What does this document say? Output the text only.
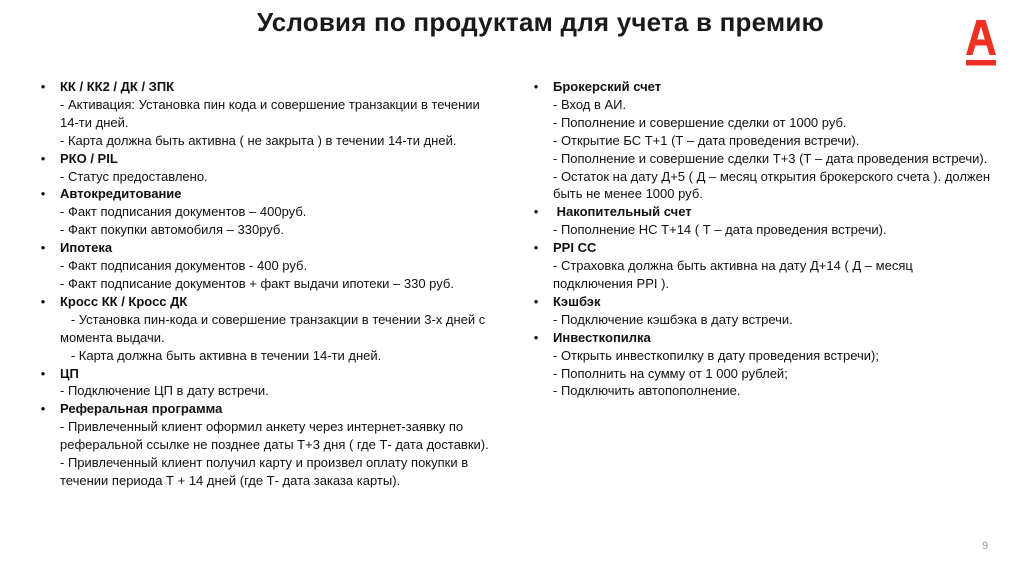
Условия по продуктам для учета в премию
• КК / КК2 / ДК / ЗПК
- Активация: Установка пин кода и совершение транзакции в течении 14-ти дней.
- Карта должна быть активна ( не закрыта ) в течении 14-ти дней.
• РКО / PIL
- Статус предоставлено.
• Автокредитование
- Факт подписания документов – 400руб.
- Факт покупки автомобиля – 330руб.
• Ипотека
- Факт подписания документов - 400 руб.
- Факт подписание документов + факт выдачи ипотеки – 330 руб.
• Кросс КК / Кросс ДК
- Установка пин-кода и совершение транзакции в течении 3-х дней с момента выдачи.
- Карта должна быть активна в течении 14-ти дней.
• ЦП
- Подключение ЦП в дату встречи.
• Реферальная программа
- Привлеченный клиент оформил анкету через интернет-заявку по реферальной ссылке не позднее даты Т+3 дня ( где Т- дата доставки).
- Привлеченный клиент получил карту и произвел оплату покупки в течении периода Т + 14 дней (где Т- дата заказа карты).
• Брокерский счет
- Вход в АИ.
- Пополнение и совершение сделки от 1000 руб.
- Открытие БС Т+1 (Т – дата проведения встречи).
- Пополнение и совершение сделки Т+3 (Т – дата проведения встречи).
- Остаток на дату Д+5 ( Д – месяц открытия брокерского счета ). должен быть не менее 1000 руб.
• Накопительный счет
- Пополнение НС Т+14 ( Т – дата проведения встречи).
• PPI CC
- Страховка должна быть активна на дату Д+14 ( Д – месяц подключения PPI ).
• Кэшбэк
- Подключение кэшбэка в дату встречи.
• Инвесткопилка
- Открыть инвесткопилку в дату проведения встречи);
- Пополнить на сумму от 1 000 рублей;
- Подключить автопополнение.
9
